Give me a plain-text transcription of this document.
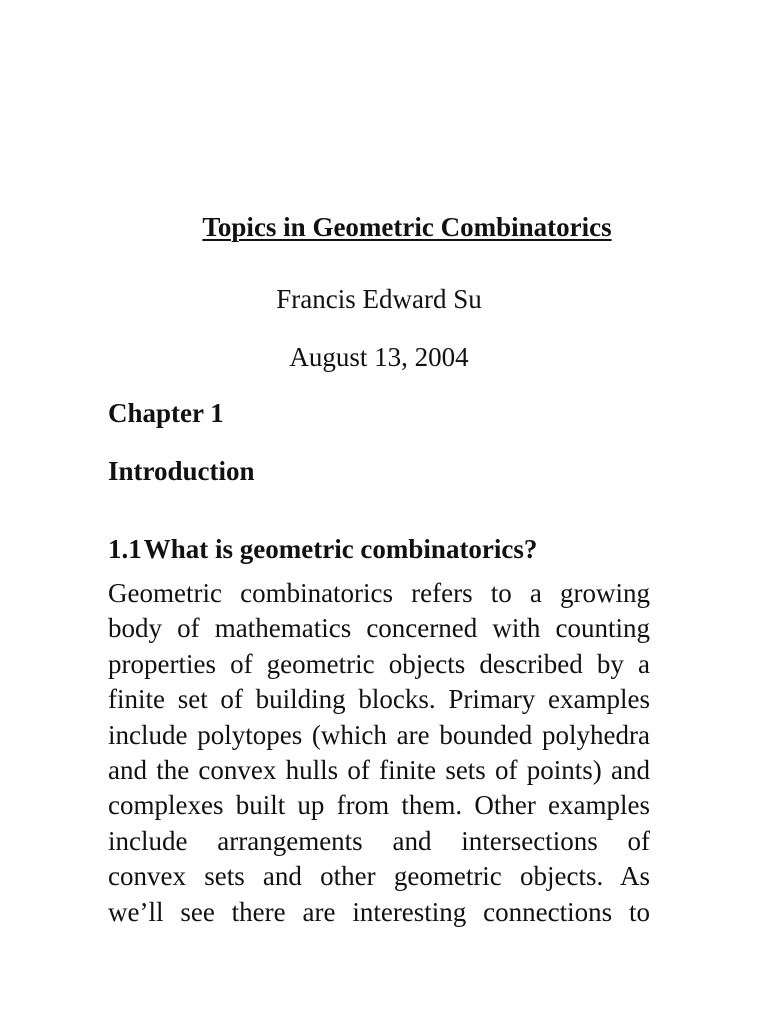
Topics in Geometric Combinatorics
Francis Edward Su
August 13, 2004
Chapter 1
Introduction
1.1What is geometric combinatorics?
Geometric combinatorics refers to a growing
body of mathematics concerned with counting
properties of geometric objects described by a
finite set of building blocks. Primary examples
include polytopes (which are bounded polyhedra
and the convex hulls of finite sets of points) and
complexes built up from them. Other examples
include arrangements and intersections of
convex sets and other geometric objects. As
we’ll see there are interesting connections to
